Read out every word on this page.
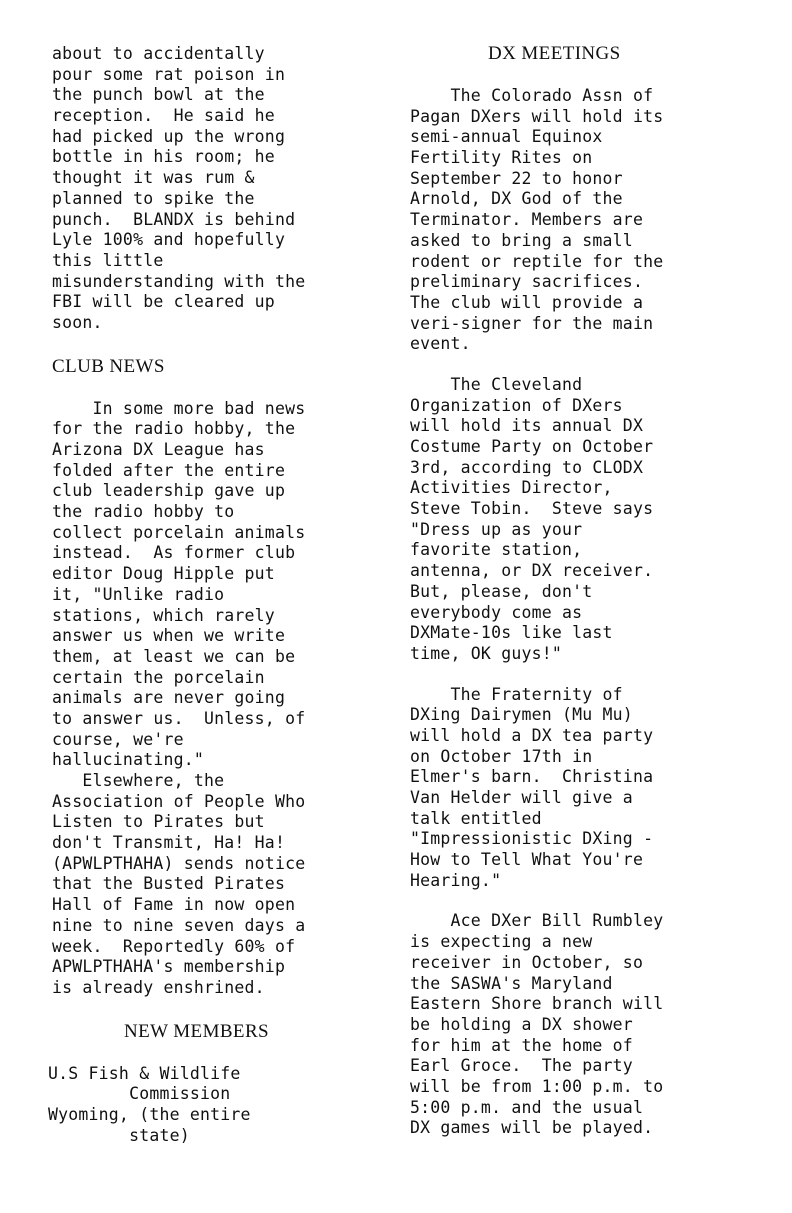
about to accidentally
pour some rat poison in
the punch bowl at the
reception.  He said he
had picked up the wrong
bottle in his room; he
thought it was rum &
planned to spike the
punch.  BLANDX is behind
Lyle 100% and hopefully
this little
misunderstanding with the
FBI will be cleared up
soon.
CLUB NEWS
In some more bad news
for the radio hobby, the
Arizona DX League has
folded after the entire
club leadership gave up
the radio hobby to
collect porcelain animals
instead.  As former club
editor Doug Hipple put
it, "Unlike radio
stations, which rarely
answer us when we write
them, at least we can be
certain the porcelain
animals are never going
to answer us.  Unless, of
course, we're
hallucinating."
Elsewhere, the
Association of People Who
Listen to Pirates but
don't Transmit, Ha! Ha!
(APWLPTHAHA) sends notice
that the Busted Pirates
Hall of Fame in now open
nine to nine seven days a
week.  Reportedly 60% of
APWLPTHAHA's membership
is already enshrined.
NEW MEMBERS
U.S Fish & Wildlife
Commission
Wyoming, (the entire
state)
DX MEETINGS
The Colorado Assn of
Pagan DXers will hold its
semi-annual Equinox
Fertility Rites on
September 22 to honor
Arnold, DX God of the
Terminator. Members are
asked to bring a small
rodent or reptile for the
preliminary sacrifices.
The club will provide a
veri-signer for the main
event.
The Cleveland
Organization of DXers
will hold its annual DX
Costume Party on October
3rd, according to CLODX
Activities Director,
Steve Tobin.  Steve says
"Dress up as your
favorite station,
antenna, or DX receiver.
But, please, don't
everybody come as
DXMate-10s like last
time, OK guys!"
The Fraternity of
DXing Dairymen (Mu Mu)
will hold a DX tea party
on October 17th in
Elmer's barn.  Christina
Van Helder will give a
talk entitled
"Impressionistic DXing -
How to Tell What You're
Hearing."
Ace DXer Bill Rumbley
is expecting a new
receiver in October, so
the SASWA's Maryland
Eastern Shore branch will
be holding a DX shower
for him at the home of
Earl Groce.  The party
will be from 1:00 p.m. to
5:00 p.m. and the usual
DX games will be played.
